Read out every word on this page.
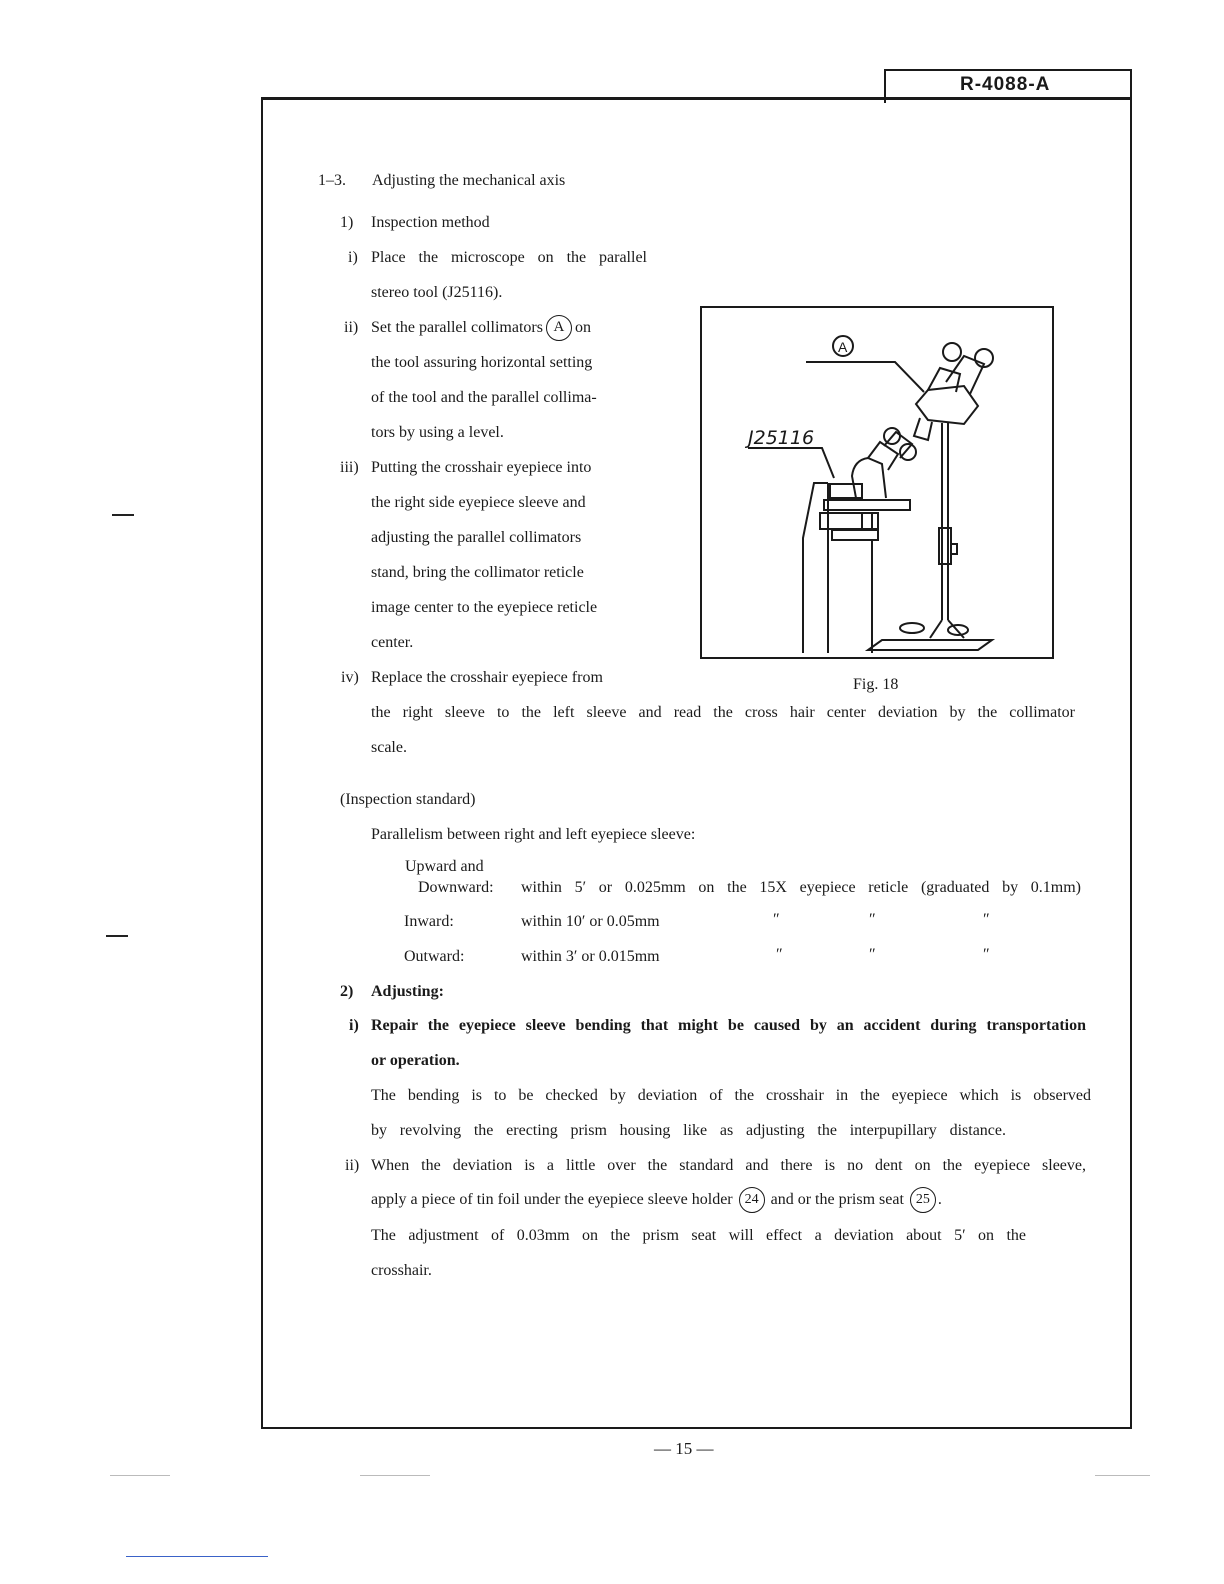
R-4088-A
1–3. Adjusting the mechanical axis
1) Inspection method
i) Place the microscope on the parallel
stereo tool (J25116).
ii) Set the parallel collimators A on
the tool assuring horizontal setting
of the tool and the parallel collima-
tors by using a level.
iii) Putting the crosshair eyepiece into
the right side eyepiece sleeve and
adjusting the parallel collimators
stand, bring the collimator reticle
image center to the eyepiece reticle
center.
iv) Replace the crosshair eyepiece from
the right sleeve to the left sleeve and read the cross hair center deviation by the collimator
scale.
A
J25116
Fig. 18
(Inspection standard)
Parallelism between right and left eyepiece sleeve:
Upward and
Downward: within 5′ or 0.025mm on the 15X eyepiece reticle (graduated by 0.1mm)
Inward:	within 10′ or 0.05mm	″	″	″
Outward:	within 3′ or 0.015mm	″	″	″
2) Adjusting:
i) Repair the eyepiece sleeve bending that might be caused by an accident during transportation
or operation.
The bending is to be checked by deviation of the crosshair in the eyepiece which is observed
by revolving the erecting prism housing like as adjusting the interpupillary distance.
ii) When the deviation is a little over the standard and there is no dent on the eyepiece sleeve,
apply a piece of tin foil under the eyepiece sleeve holder 24 and or the prism seat 25 .
The adjustment of 0.03mm on the prism seat will effect a deviation about 5′ on the
crosshair.
— 15 —
